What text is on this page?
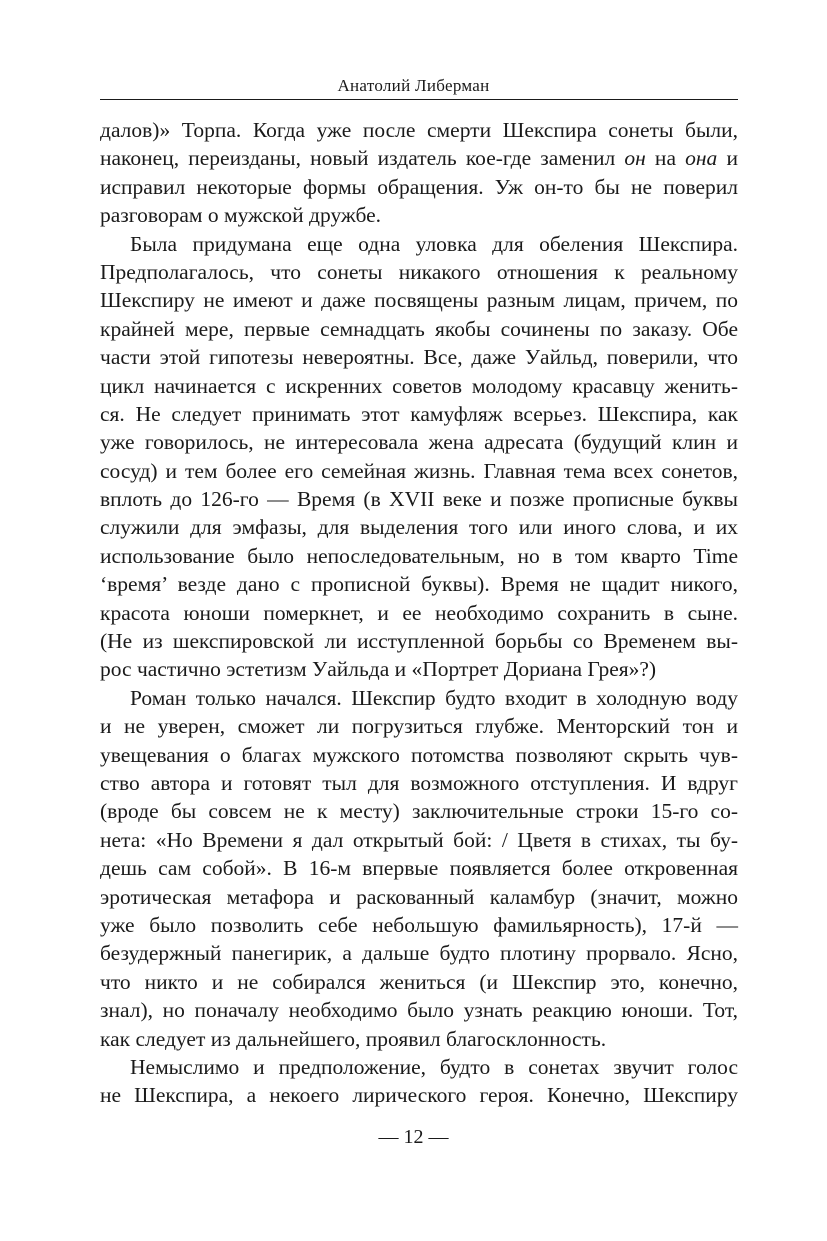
Анатолий Либерман
далов)» Торпа. Когда уже после смерти Шекспира сонеты были,
наконец, переизданы, новый издатель кое-где заменил он на она и
исправил некоторые формы обращения. Уж он-то бы не поверил
разговорам о мужской дружбе.
Была придумана еще одна уловка для обеления Шекспира.
Предполагалось, что сонеты никакого отношения к реальному
Шекспиру не имеют и даже посвящены разным лицам, причем, по
крайней мере, первые семнадцать якобы сочинены по заказу. Обе
части этой гипотезы невероятны. Все, даже Уайльд, поверили, что
цикл начинается с искренних советов молодому красавцу женить-
ся. Не следует принимать этот камуфляж всерьез. Шекспира, как
уже говорилось, не интересовала жена адресата (будущий клин и
сосуд) и тем более его семейная жизнь. Главная тема всех сонетов,
вплоть до 126-го — Время (в XVII веке и позже прописные буквы
служили для эмфазы, для выделения того или иного слова, и их
использование было непоследовательным, но в том кварто Time
‘время’ везде дано с прописной буквы). Время не щадит никого,
красота юноши померкнет, и ее необходимо сохранить в сыне.
(Не из шекспировской ли исступленной борьбы со Временем вы-
рос частично эстетизм Уайльда и «Портрет Дориана Грея»?)
Роман только начался. Шекспир будто входит в холодную воду
и не уверен, сможет ли погрузиться глубже. Менторский тон и
увещевания о благах мужского потомства позволяют скрыть чув-
ство автора и готовят тыл для возможного отступления. И вдруг
(вроде бы совсем не к месту) заключительные строки 15-го со-
нета: «Но Времени я дал открытый бой: / Цветя в стихах, ты бу-
дешь сам собой». В 16-м впервые появляется более откровенная
эротическая метафора и раскованный каламбур (значит, можно
уже было позволить себе небольшую фамильярность), 17-й —
безудержный панегирик, а дальше будто плотину прорвало. Ясно,
что никто и не собирался жениться (и Шекспир это, конечно,
знал), но поначалу необходимо было узнать реакцию юноши. Тот,
как следует из дальнейшего, проявил благосклонность.
Немыслимо и предположение, будто в сонетах звучит голос
не Шекспира, а некоего лирического героя. Конечно, Шекспиру
— 12 —
